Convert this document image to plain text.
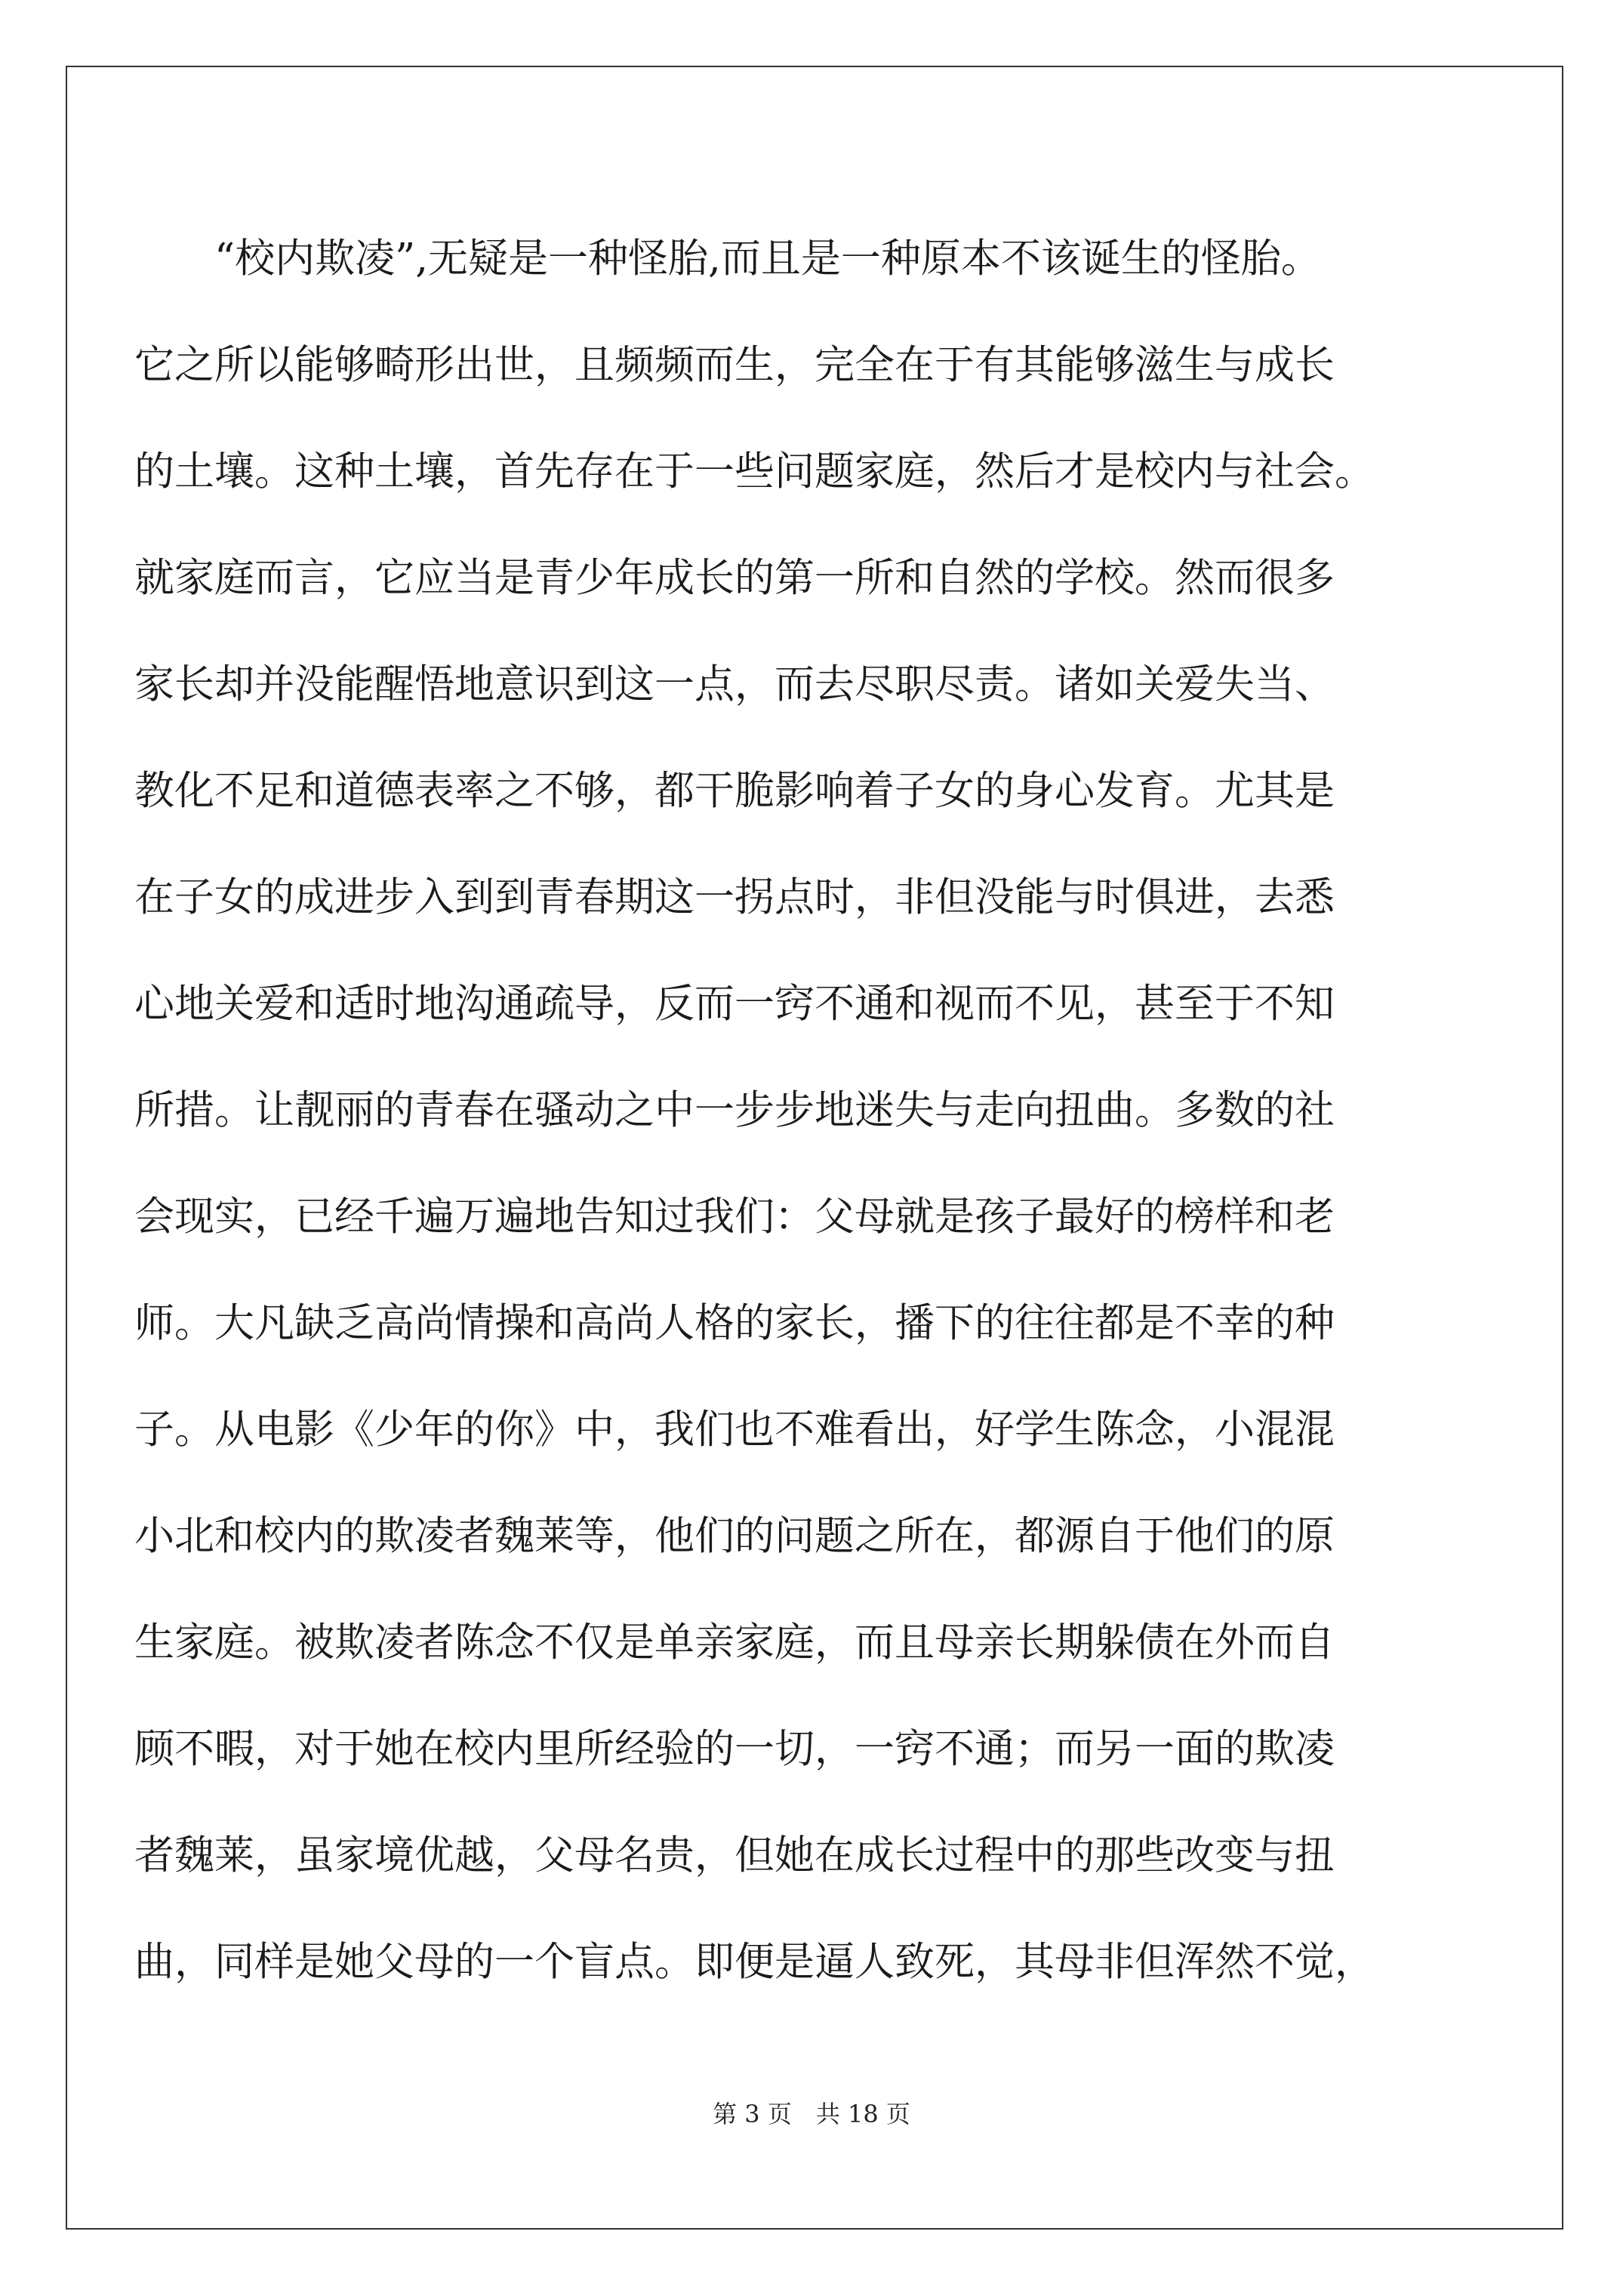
“校内欺凌”,无疑是一种怪胎,而且是一种原本不该诞生的怪胎。
它之所以能够畸形出世，且频频而生，完全在于有其能够滋生与成长
的土壤。这种土壤，首先存在于一些问题家庭，然后才是校内与社会。
就家庭而言，它应当是青少年成长的第一所和自然的学校。然而很多
家长却并没能醒悟地意识到这一点，而去尽职尽责。诸如关爱失当、
教化不足和道德表率之不够，都干脆影响着子女的身心发育。尤其是
在子女的成进步入到到青春期这一拐点时，非但没能与时俱进，去悉
心地关爱和适时地沟通疏导，反而一窍不通和视而不见，甚至于不知
所措。让靓丽的青春在骚动之中一步步地迷失与走向扭曲。多数的社
会现实，已经千遍万遍地告知过我们：父母就是孩子最好的榜样和老
师。大凡缺乏高尚情操和高尚人格的家长，播下的往往都是不幸的种
子。从电影《少年的你》中，我们也不难看出，好学生陈念，小混混
小北和校内的欺凌者魏莱等，他们的问题之所在，都源自于他们的原
生家庭。被欺凌者陈念不仅是单亲家庭，而且母亲长期躲债在外而自
顾不暇，对于她在校内里所经验的一切，一窍不通；而另一面的欺凌
者魏莱，虽家境优越，父母名贵，但她在成长过程中的那些改变与扭
曲，同样是她父母的一个盲点。即便是逼人致死，其母非但浑然不觉，
第 3 页　共 18 页
